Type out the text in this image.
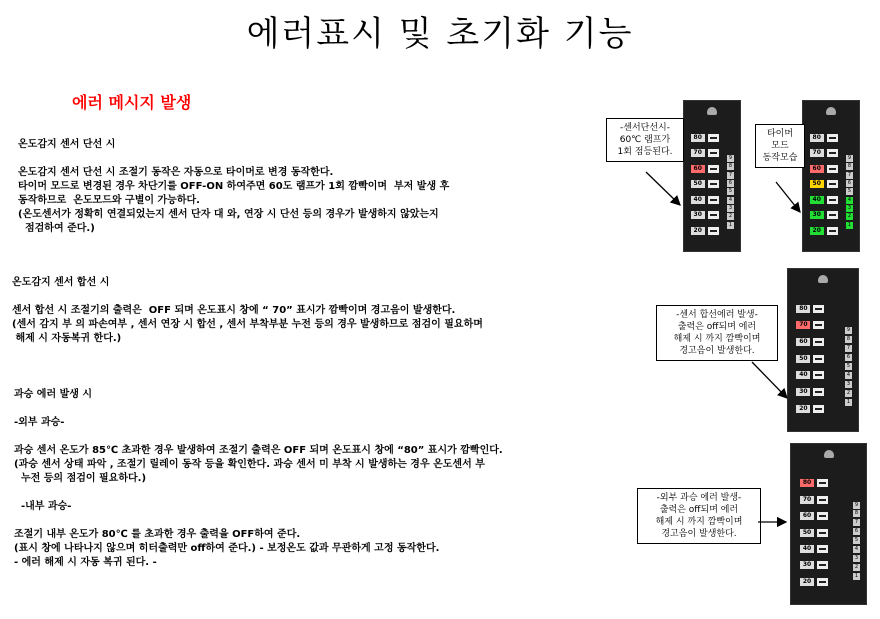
에러표시 및 초기화 기능
에러 메시지 발생
온도감지 센서 단선 시

온도감지 센서 단선 시 조절기 동작은 자동으로 타이머로 변경 동작한다.
타이머 모드로 변경된 경우 차단기를 OFF-ON 하여주면 60도 램프가 1회 깜빡이며  부저 발생 후
동작하므로  온도모드와 구별이 가능하다.
(온도센서가 정확히 연결되었는지 센서 단자 대 와, 연장 시 단선 등의 경우가 발생하지 않았는지
점검하여 준다.)
온도감지 센서 합선 시

센서 합선 시 조절기의 출력은  OFF 되며 온도표시 창에 “ 70” 표시가 깜빡이며 경고음이 발생한다.
(센서 감지 부 의 파손여부 , 센서 연장 시 합선 , 센서 부착부분 누전 등의 경우 발생하므로 점검이 필요하며
해제 시 자동복귀 한다.)
과승 에러 발생 시

-외부 과승-

과승 센서 온도가 85℃ 초과한 경우 발생하여 조절기 출력은 OFF 되며 온도표시 창에 “80” 표시가 깜빡인다.
(과승 센서 상태 파악 , 조절기 릴레이 동작 등을 확인한다. 과승 센서 미 부착 시 발생하는 경우 온도센서 부
누전 등의 점검이 필요하다.)

-내부 과승-

조절기 내부 온도가 80℃ 를 초과한 경우 출력을 OFF하여 준다.
(표시 창에 나타나지 않으며 히터출력만 off하여 준다.) - 보정온도 값과 무관하게 고정 동작한다.
- 에러 해제 시 자동 복귀 된다. -
80
70
60
50
40
30
20
9
8
7
6
5
4
3
2
1
80
70
60
50
40
30
20
9
8
7
6
5
4
3
2
1
80
70
60
50
40
30
20
9
8
7
6
5
4
3
2
1
80
70
60
50
40
30
20
9
8
7
6
5
4
3
2
1
-센서단선시-
60℃ 램프가
1회 점등된다.
타이머
모드
동작모습
-센서 합선에러 발생-
출력은 off되며 에러
해제 시 까지 깜빡이며
경고음이 발생한다.
-외부 과승 에러 발생-
출력은 off되며 에러
해제 시 까지 깜빡이며
경고음이 발생한다.
